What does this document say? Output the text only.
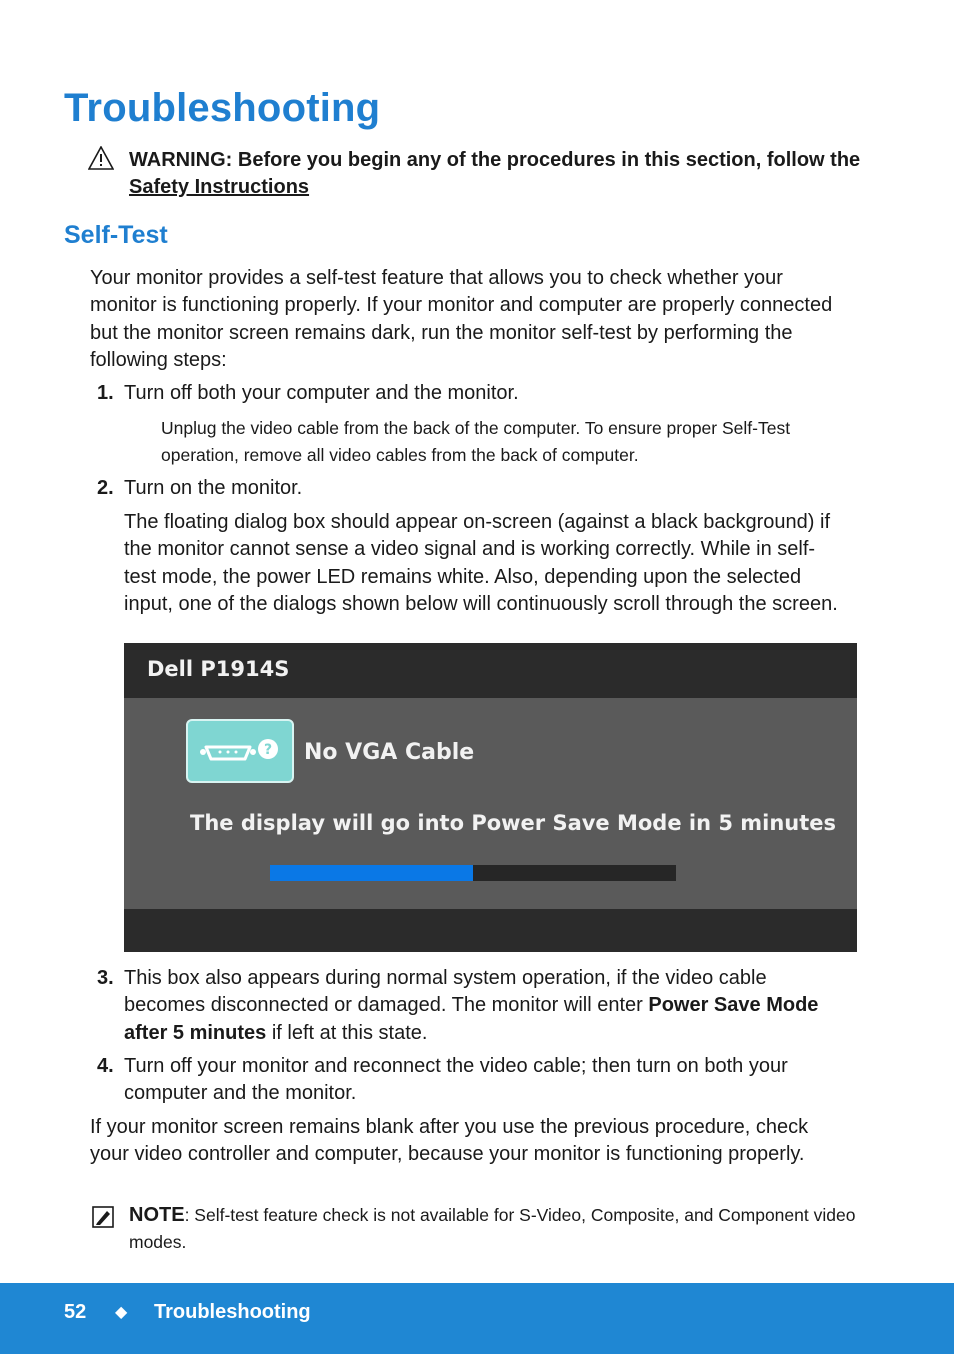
Troubleshooting
WARNING: Before you begin any of the procedures in this section, follow the Safety Instructions
Self-Test
Your monitor provides a self-test feature that allows you to check whether your monitor is functioning properly. If your monitor and computer are properly connected but the monitor screen remains dark, run the monitor self-test by performing the following steps:
1. Turn off both your computer and the monitor.
Unplug the video cable from the back of the computer. To ensure proper Self-Test operation, remove all video cables from the back of computer.
2. Turn on the monitor.
The floating dialog box should appear on-screen (against a black background) if the monitor cannot sense a video signal and is working correctly. While in self-test mode, the power LED remains white. Also, depending upon the selected input, one of the dialogs shown below will continuously scroll through the screen.
Dell P1914S
? No VGA Cable
The display will go into Power Save Mode in 5 minutes
3. This box also appears during normal system operation, if the video cable becomes disconnected or damaged. The monitor will enter Power Save Mode after 5 minutes if left at this state.
4. Turn off your monitor and reconnect the video cable; then turn on both your computer and the monitor.
If your monitor screen remains blank after you use the previous procedure, check your video controller and computer, because your monitor is functioning properly.
NOTE: Self-test feature check is not available for S-Video, Composite, and Component video modes.
52 ◆ Troubleshooting
